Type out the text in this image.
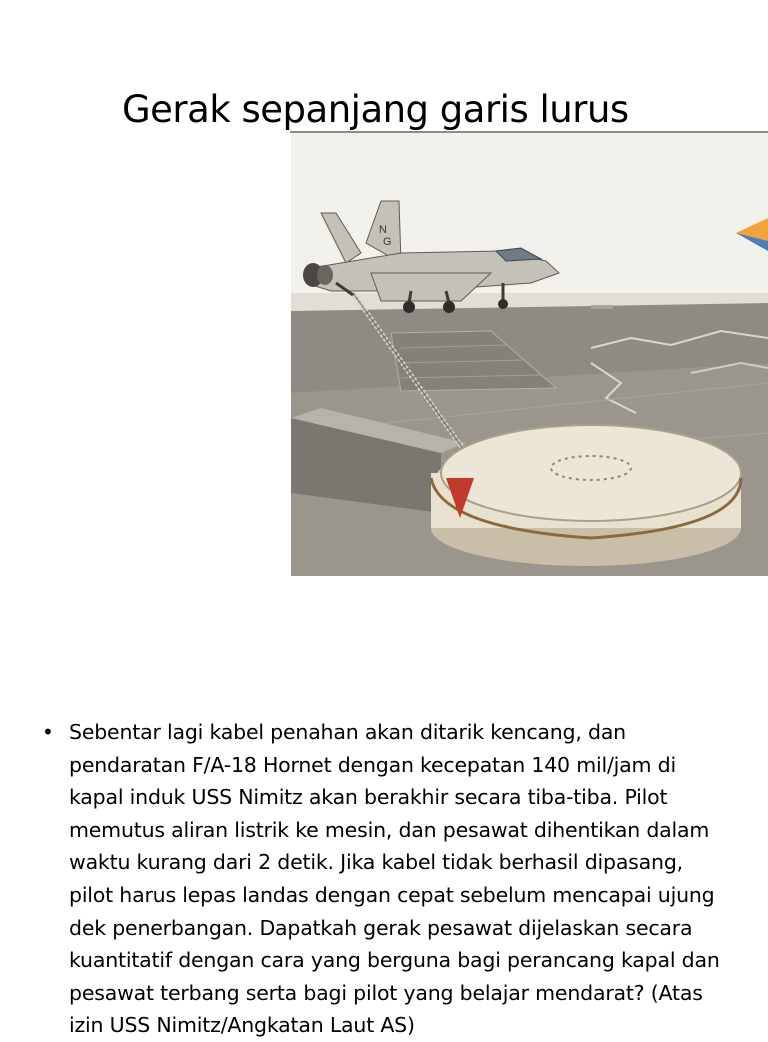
Gerak sepanjang garis lurus
N
G
• Sebentar lagi kabel penahan akan ditarik kencang, dan pendaratan F/A-18 Hornet dengan kecepatan 140 mil/jam di kapal induk USS Nimitz akan berakhir secara tiba-tiba. Pilot memutus aliran listrik ke mesin, dan pesawat dihentikan dalam waktu kurang dari 2 detik. Jika kabel tidak berhasil dipasang, pilot harus lepas landas dengan cepat sebelum mencapai ujung dek penerbangan. Dapatkah gerak pesawat dijelaskan secara kuantitatif dengan cara yang berguna bagi perancang kapal dan pesawat terbang serta bagi pilot yang belajar mendarat? (Atas izin USS Nimitz/Angkatan Laut AS)
